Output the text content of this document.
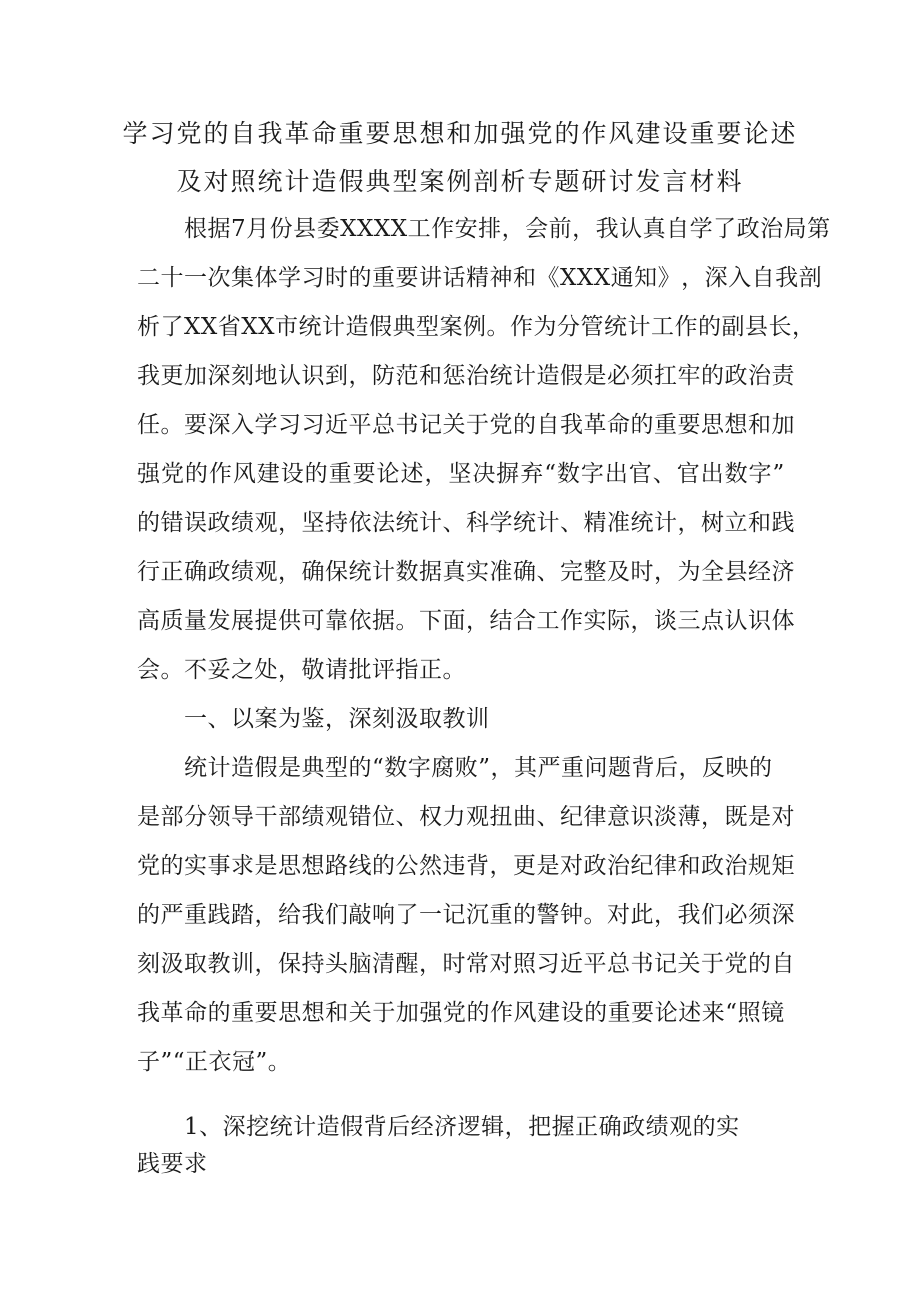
学习党的自我革命重要思想和加强党的作风建设重要论述
及对照统计造假典型案例剖析专题研讨发言材料
根据7月份县委XXXX工作安排，会前，我认真自学了政治局第
二 十 一 次 集 体 学 习 时 的 重 要 讲 话 精 神 和 《 XXX 通 知 》 ， 深 入 自 我 剖
析 了 XX 省 XX 市 统 计 造 假 典 型 案 例 。 作 为 分 管 统 计 工 作 的 副 县 长 ，
我 更 加 深 刻 地 认 识 到 ， 防 范 和 惩 治 统 计 造 假 是 必 须 扛 牢 的 政 治 责
任 。 要 深 入 学 习 习 近 平 总 书 记 关 于 党 的 自 我 革 命 的 重 要 思 想 和 加
强 党 的 作 风 建 设 的 重 要 论 述 ， 坚 决 摒 弃 “ 数 字 出 官 、 官 出 数 字 ”
的 错 误 政 绩 观 ， 坚 持 依 法 统 计 、 科 学 统 计 、 精 准 统 计 ， 树 立 和 践
行 正 确 政 绩 观 ， 确 保 统 计 数 据 真 实 准 确 、 完 整 及 时 ， 为 全 县 经 济
高 质 量 发 展 提 供 可 靠 依 据 。 下 面 ， 结 合 工 作 实 际 ， 谈 三 点 认 识 体
会。不妥之处，敬请批评指正。
一、以案为鉴，深刻汲取教训
统计造假是典型的“数字腐败”，其严重问题背后，反映的
是 部 分 领 导 干 部 绩 观 错 位 、 权 力 观 扭 曲 、 纪 律 意 识 淡 薄 ， 既 是 对
党 的 实 事 求 是 思 想 路 线 的 公 然 违 背 ， 更 是 对 政 治 纪 律 和 政 治 规 矩
的 严 重 践 踏 ， 给 我 们 敲 响 了 一 记 沉 重 的 警 钟 。 对 此 ， 我 们 必 须 深
刻 汲 取 教 训 ， 保 持 头 脑 清 醒 ， 时 常 对 照 习 近 平 总 书 记 关 于 党 的 自
我 革 命 的 重 要 思 想 和 关 于 加 强 党 的 作 风 建 设 的 重 要 论 述 来 “ 照 镜
子”“正衣冠”。
1、深挖统计造假背后经济逻辑，把握正确政绩观的实
践要求
